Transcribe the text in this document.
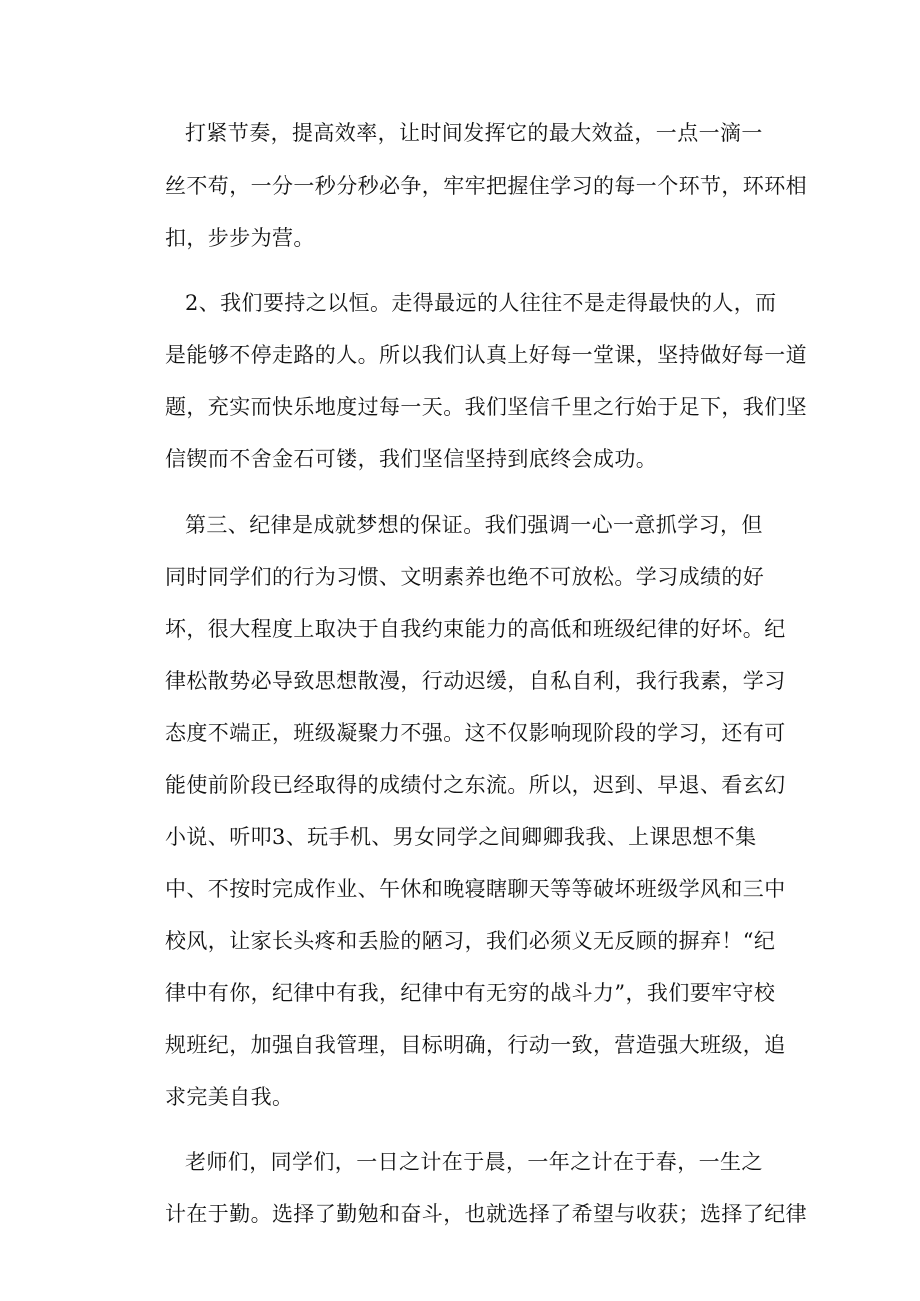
打紧节奏，提高效率，让时间发挥它的最大效益，一点一滴一
丝不苟，一分一秒分秒必争，牢牢把握住学习的每一个环节，环环相
扣，步步为营。
2、我们要持之以恒。走得最远的人往往不是走得最快的人，而
是能够不停走路的人。所以我们认真上好每一堂课，坚持做好每一道
题，充实而快乐地度过每一天。我们坚信千里之行始于足下，我们坚
信锲而不舍金石可镂，我们坚信坚持到底终会成功。
第三、纪律是成就梦想的保证。我们强调一心一意抓学习，但
同时同学们的行为习惯、文明素养也绝不可放松。学习成绩的好
坏，很大程度上取决于自我约束能力的高低和班级纪律的好坏。纪
律松散势必导致思想散漫，行动迟缓，自私自利，我行我素，学习
态度不端正，班级凝聚力不强。这不仅影响现阶段的学习，还有可
能使前阶段已经取得的成绩付之东流。所以，迟到、早退、看玄幻
小说、听叩3、玩手机、男女同学之间卿卿我我、上课思想不集
中、不按时完成作业、午休和晚寝瞎聊天等等破坏班级学风和三中
校风，让家长头疼和丢脸的陋习，我们必须义无反顾的摒弃！“纪
律中有你，纪律中有我，纪律中有无穷的战斗力”，我们要牢守校
规班纪，加强自我管理，目标明确，行动一致，营造强大班级，追
求完美自我。
老师们，同学们，一日之计在于晨，一年之计在于春，一生之
计在于勤。选择了勤勉和奋斗，也就选择了希望与收获；选择了纪律
